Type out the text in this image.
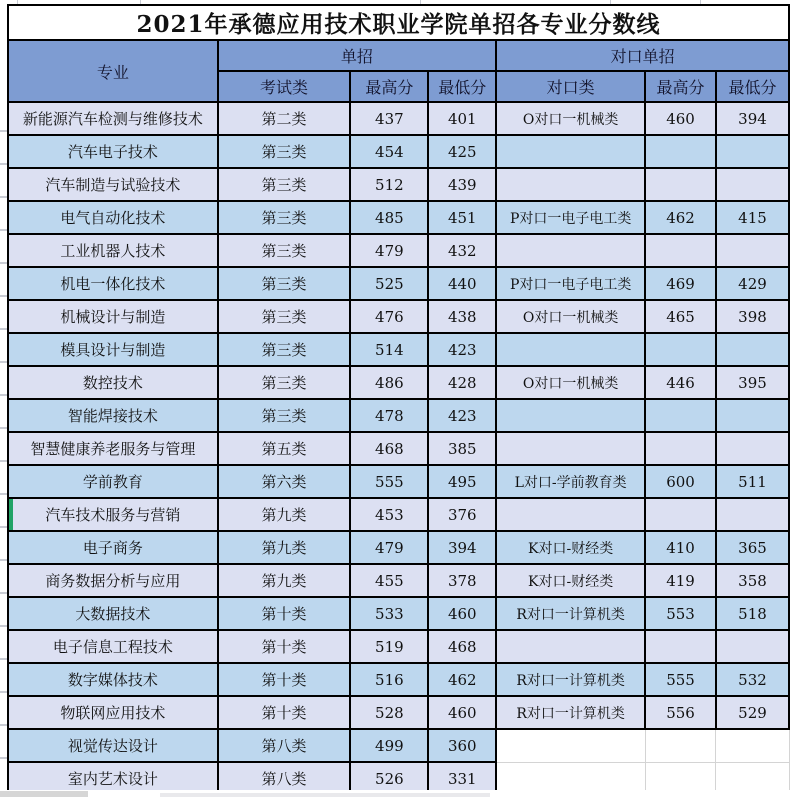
2021年承德应用技术职业学院单招各专业分数线						
专业	单招			对口单招		
	考试类	最高分	最低分	对口类	最高分	最低分
新能源汽车检测与维修技术	第二类	437	401	O对口一机械类	460	394
汽车电子技术	第三类	454	425			
汽车制造与试验技术	第三类	512	439			
电气自动化技术	第三类	485	451	P对口一电子电工类	462	415
工业机器人技术	第三类	479	432			
机电一体化技术	第三类	525	440	P对口一电子电工类	469	429
机械设计与制造	第三类	476	438	O对口一机械类	465	398
模具设计与制造	第三类	514	423			
数控技术	第三类	486	428	O对口一机械类	446	395
智能焊接技术	第三类	478	423			
智慧健康养老服务与管理	第五类	468	385			
学前教育	第六类	555	495	L对口-学前教育类	600	511
汽车技术服务与营销	第九类	453	376			
电子商务	第九类	479	394	K对口-财经类	410	365
商务数据分析与应用	第九类	455	378	K对口-财经类	419	358
大数据技术	第十类	533	460	R对口一计算机类	553	518
电子信息工程技术	第十类	519	468			
数字媒体技术	第十类	516	462	R对口一计算机类	555	532
物联网应用技术	第十类	528	460	R对口一计算机类	556	529
视觉传达设计	第八类	499	360			
室内艺术设计	第八类	526	331			
